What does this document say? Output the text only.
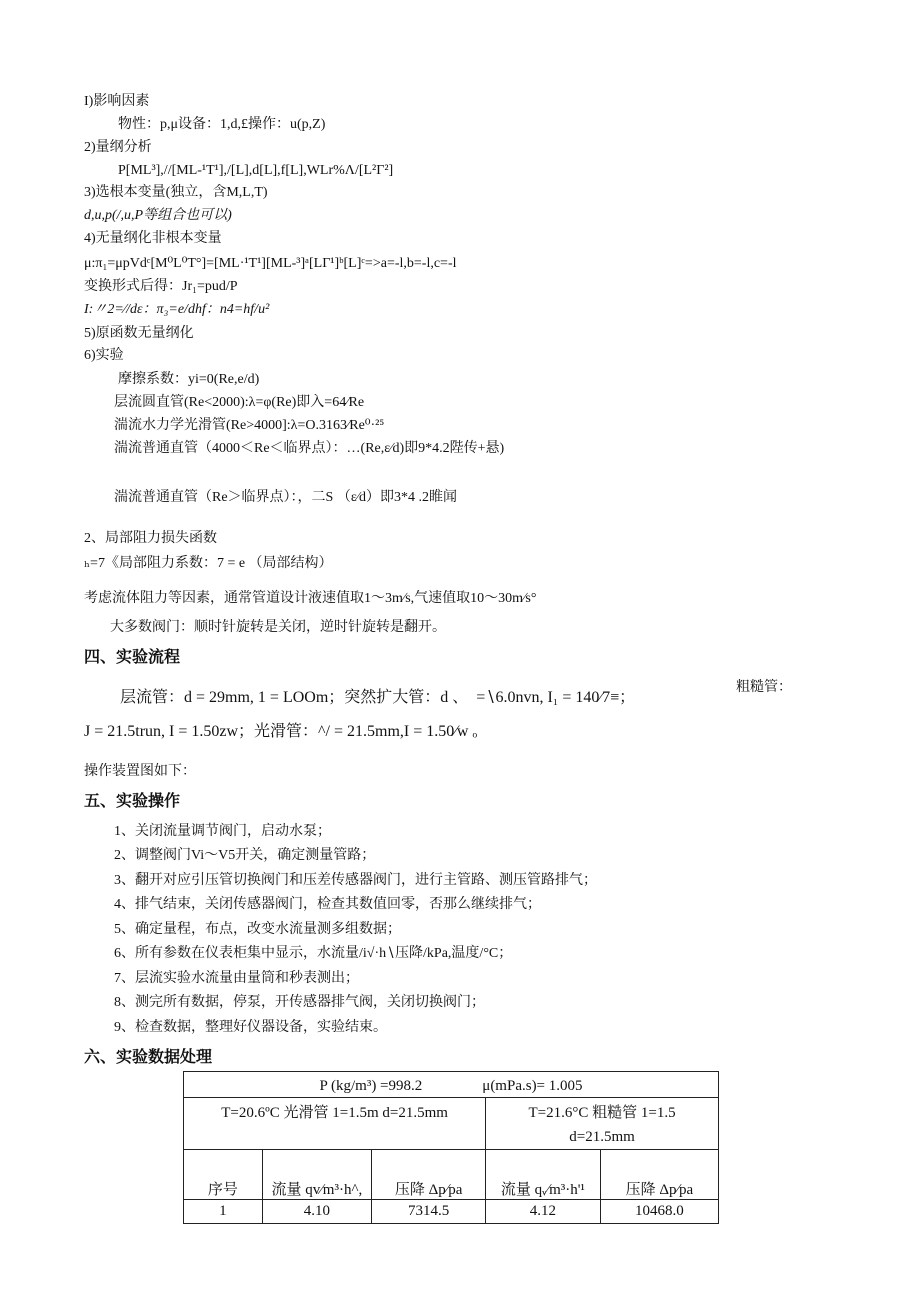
I)影响因素
物性：p,μ设备：1,d,£操作：u(p,Z)
2)量纲分析
P[ML³],//[ML-¹T¹],/[L],d[L],f[L],WLr%Λ/[L²Γ²]
3)选根本变量(独立，含M,L,T)
d,u,p(/,u,P等组合也可以)
4)无量纲化非根本变量
μ:π₁=μpVdᶜ[M⁰L⁰T°]=[ML·¹T¹][ML-³]ᵃ[LΓ¹]ᵇ[L]ᶜ=>a=-l,b=-l,c=-l
变换形式后得：Jr₁=pud/P
I:〃2=∕/dε：π₃=e/dhf：n4=hf/u²
5)原函数无量纲化
6)实验
摩擦系数：yi=0(Re,e/d)
层流圆直管(Re<2000):λ=φ(Re)即入=64∕Re
湍流水力学光滑管(Re>4000]:λ=O.3163∕Re⁰·²⁵
湍流普通直管（4000＜Re＜临界点）：…(Re,ε∕d)即9*4.2陛传+悬)
湍流普通直管（Re＞临界点）：，二S （ε∕d）即3*4 .2睢闻
2、局部阻力损失函数
ₕ=7《局部阻力系数：7 = e （局部结构）
考虑流体阻力等因素，通常管道设计液速值取1～3m∕s,气速值取10～30m∕s°
大多数阀门：顺时针旋转是关闭，逆时针旋转是翻开。
四、实验流程
层流管：d = 29mm, 1 = LOOm；突然扩大管：d 、　=∖6.0nvn, I₁ = 140∕7≡；
粗糙管：
J = 21.5trun, I = 1.50zw；光滑管：^/ = 21.5mm,I = 1.50∕w ₒ
操作装置图如下：
五、实验操作
1、关闭流量调节阀门，启动水泵；
2、调整阀门Vi～V5开关，确定测量管路；
3、翻开对应引压管切换阀门和压差传感器阀门，进行主管路、测压管路排气；
4、排气结束，关闭传感器阀门，检查其数值回零，否那么继续排气；
5、确定量程，布点，改变水流量测多组数据；
6、所有参数在仪表柜集中显示，水流量/i√·h∖压降/kPa,温度/°C；
7、层流实验水流量由量筒和秒表测出；
8、测完所有数据，停泵，开传感器排气阀，关闭切换阀门；
9、检查数据，整理好仪器设备，实验结束。
六、实验数据处理
P (kg/m³) =998.2　　　　μ(mPa.s)= 1.005				
T=20.6ºC 光滑管 1=1.5m d=21.5mm			T=21.6°C 粗糙管 1=1.5
d=21.5mm	

序号	流量 qv∕m³·h^,	压降 Δp∕pa	流量 qᵥ∕m³·h'¹	压降 Δp∕pa
1	4.10	7314.5	4.12	10468.0
